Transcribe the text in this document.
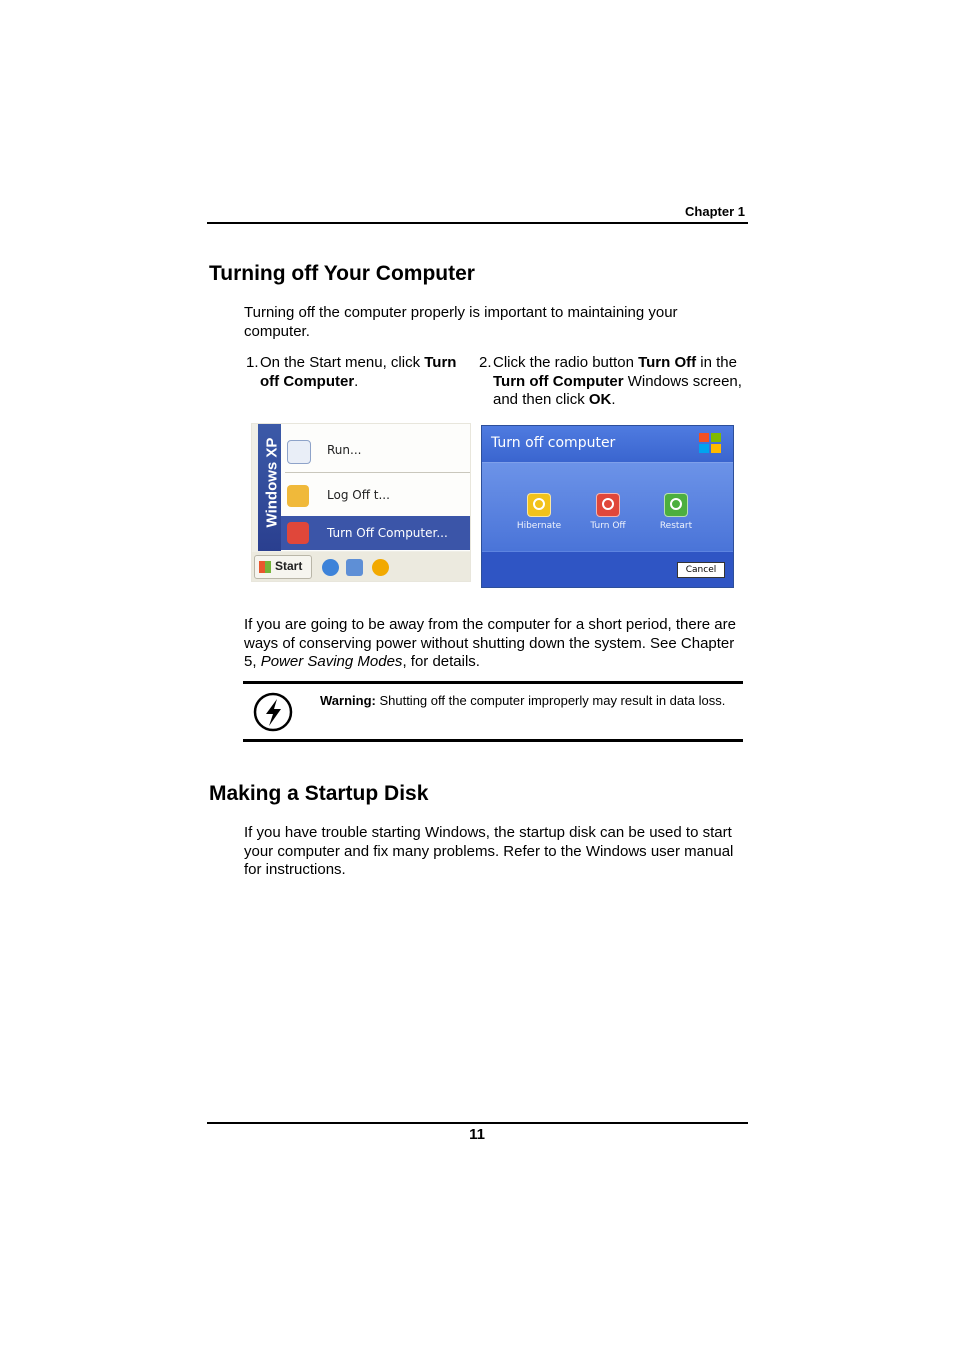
Chapter 1
Turning off Your Computer
Turning off the computer properly is important to maintaining your computer.
1. On the Start menu, click Turn off Computer.
2. Click the radio button Turn Off in the Turn off Computer Windows screen, and then click OK.
Windows XP	Run...
Log Off t...
Turn Off Computer...
Start
Turn off computer
Hibernate	Turn Off	Restart
Cancel
If you are going to be away from the computer for a short period, there are ways of conserving power without shutting down the system. See Chapter 5, Power Saving Modes, for details.
Warning: Shutting off the computer improperly may result in data loss.
Making a Startup Disk
If you have trouble starting Windows, the startup disk can be used to start your computer and fix many problems. Refer to the Windows user manual for instructions.
11
